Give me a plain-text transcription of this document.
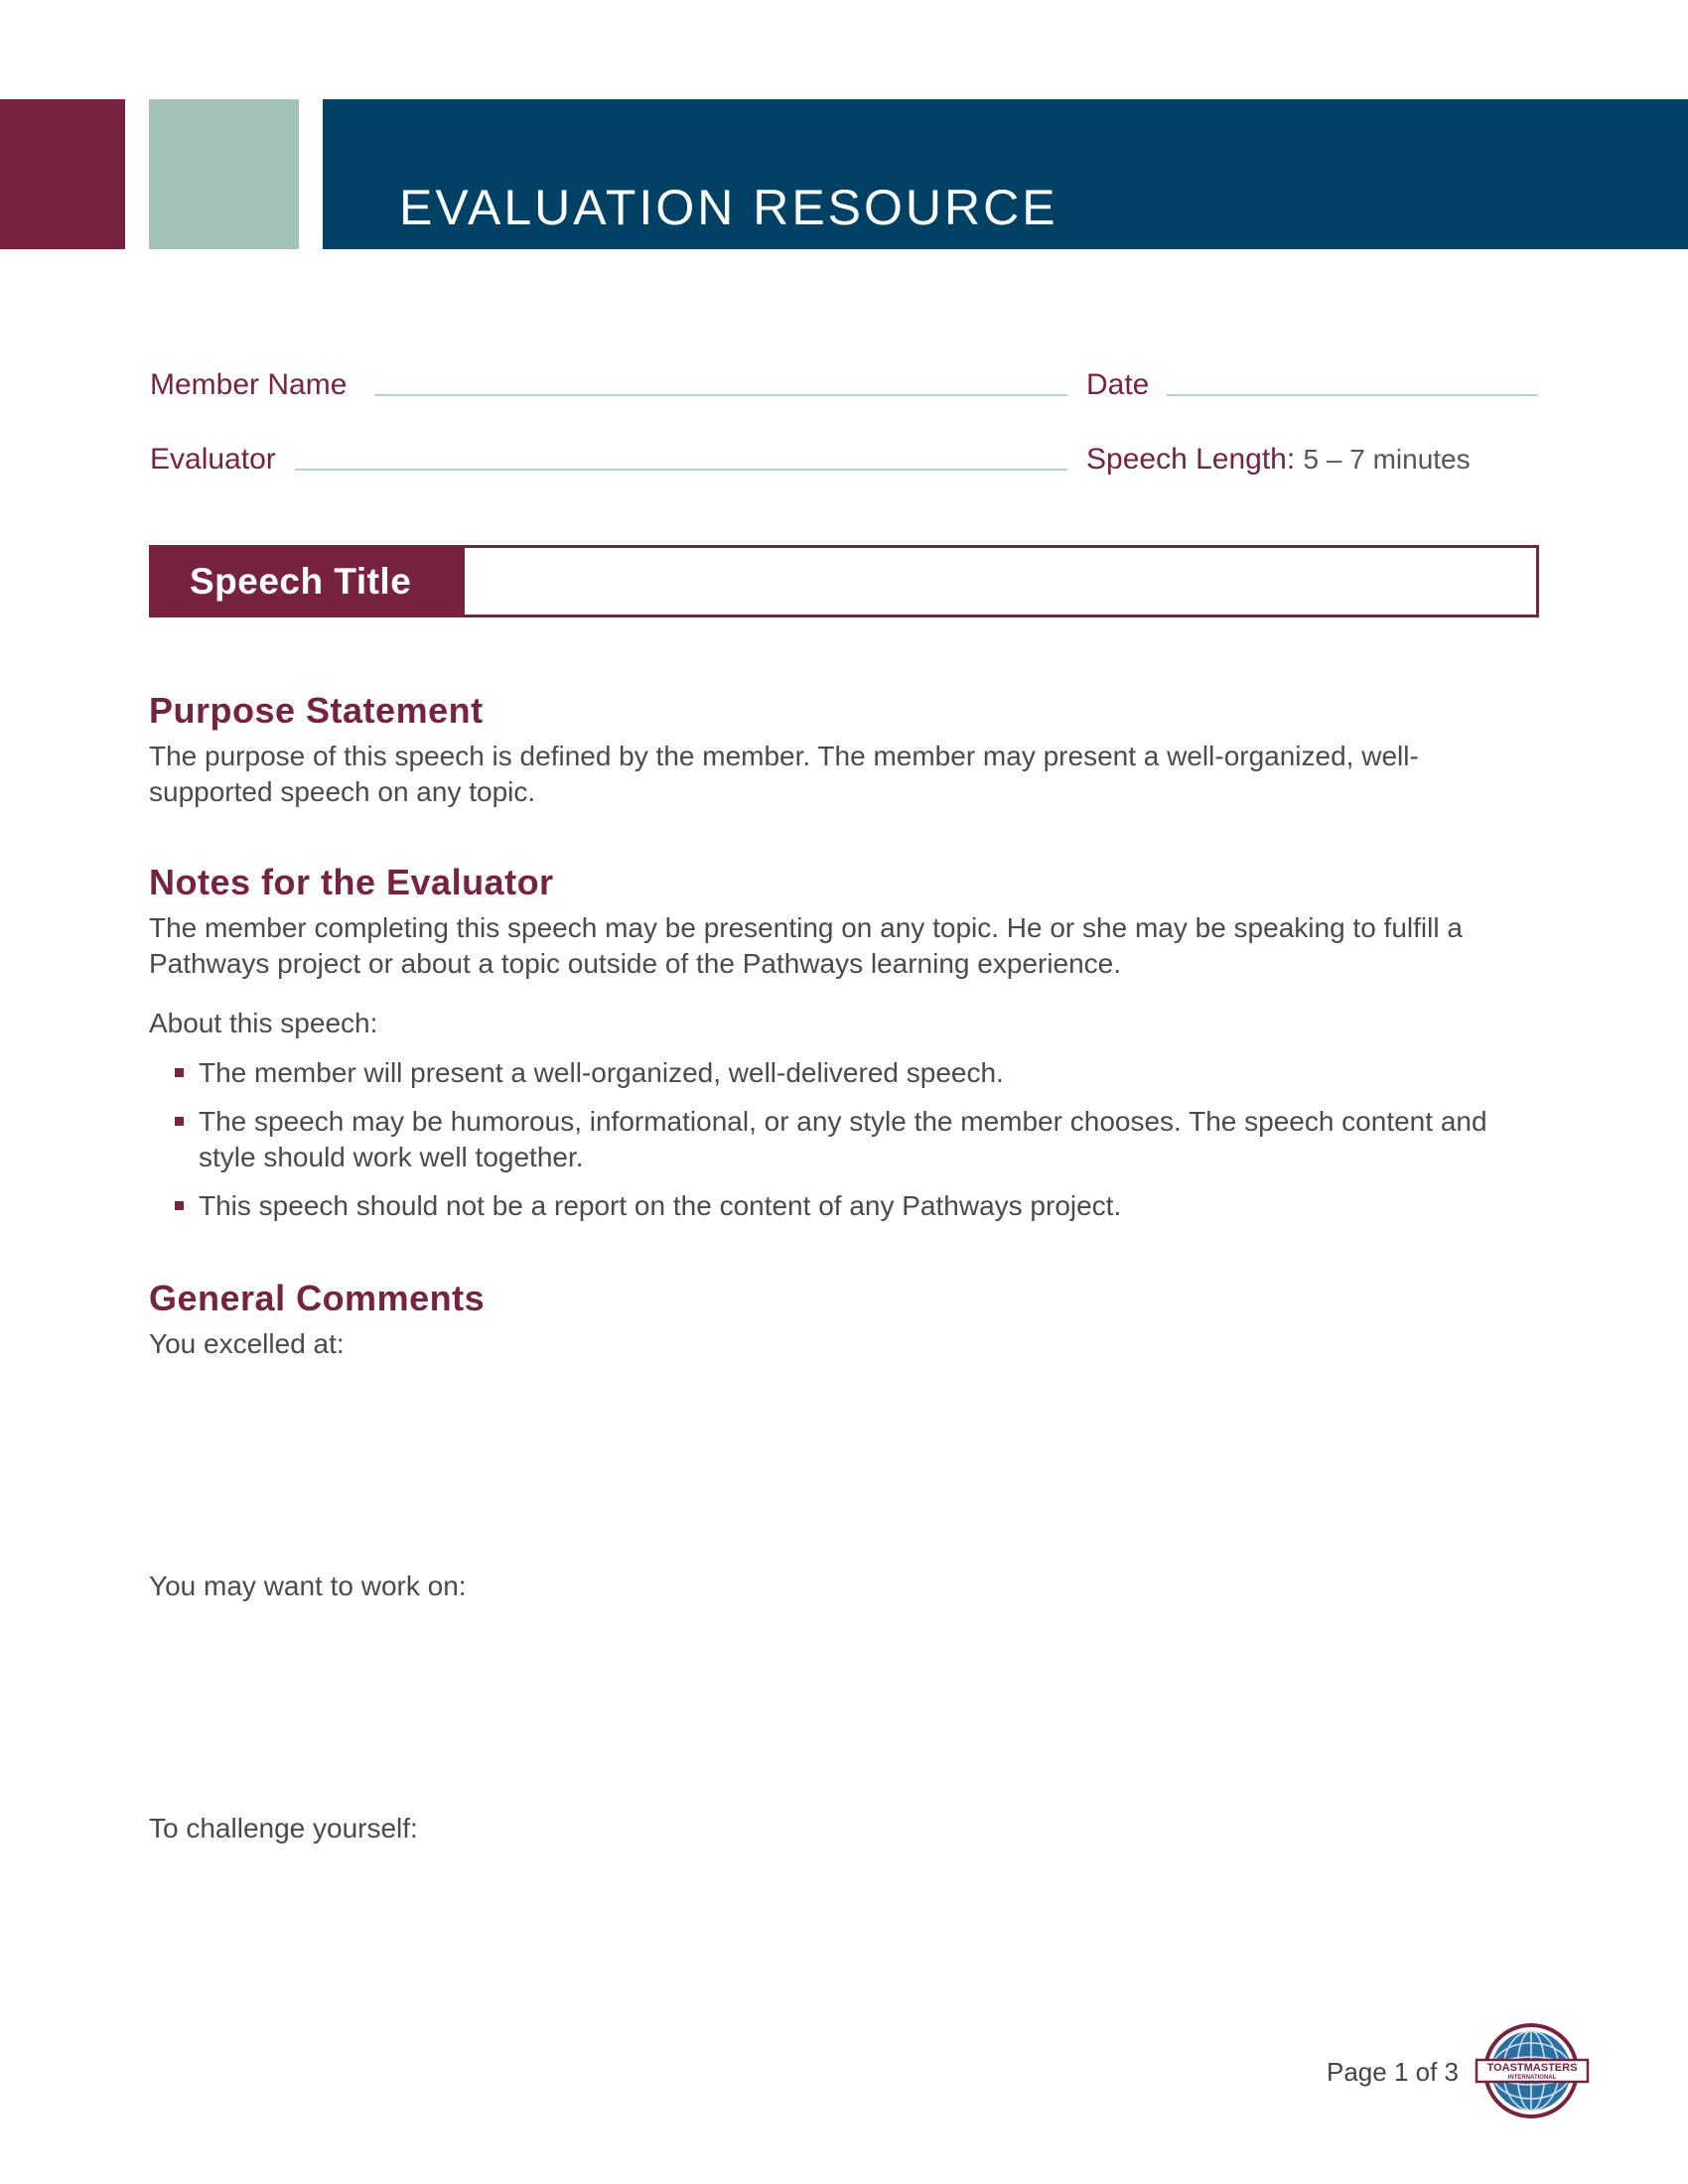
EVALUATION RESOURCE
Member Name	Date
Evaluator	Speech Length: 5 – 7 minutes
Speech Title
Purpose Statement

The purpose of this speech is defined by the member. The member may present a well-organized, well-supported speech on any topic.

Notes for the Evaluator

The member completing this speech may be presenting on any topic. He or she may be speaking to fulfill a Pathways project or about a topic outside of the Pathways learning experience.

About this speech:

The member will present a well-organized, well-delivered speech.
The speech may be humorous, informational, or any style the member chooses. The speech content and style should work well together.
This speech should not be a report on the content of any Pathways project.
General Comments

You excelled at:

You may want to work on:

To challenge yourself:

Page 1 of 3	TOASTMASTERS
INTERNATIONAL
